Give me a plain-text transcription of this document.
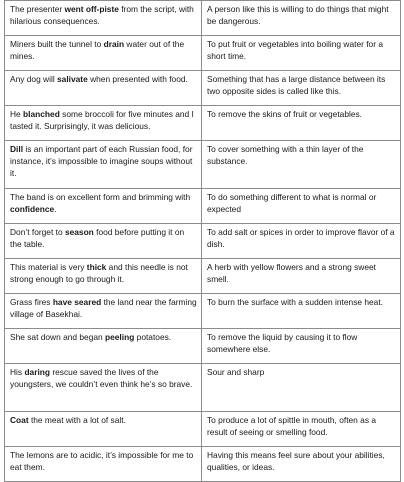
The presenter went off-piste from the script, with hilarious consequences.	A person like this is willing to do things that might be dangerous.
Miners built the tunnel to drain water out of the mines.	To put fruit or vegetables into boiling water for a short time.
Any dog will salivate when presented with food.	Something that has a large distance between its two opposite sides is called like this.
He blanched some broccoli for five minutes and I tasted it. Surprisingly, it was delicious.	To remove the skins of fruit or vegetables.
Dill is an important part of each Russian food, for instance, it’s impossible to imagine soups without it.	To cover something with a thin layer of the substance.
The band is on excellent form and brimming with confidence.	To do something different to what is normal or expected
Don’t forget to season food before putting it on the table.	To add salt or spices in order to improve flavor of a dish.
This material is very thick and this needle is not strong enough to go through it.	A herb with yellow flowers and a strong sweet smell.
Grass fires have seared the land near the farming village of Basekhai.	To burn the surface with a sudden intense heat.
She sat down and began peeling potatoes.	To remove the liquid by causing it to flow somewhere else.
His daring rescue saved the lives of the youngsters, we couldn’t even think he’s so brave.	Sour and sharp
Coat the meat with a lot of salt.	To produce a lot of spittle in mouth, often as a result of seeing or smelling food.
The lemons are to acidic, it’s impossible for me to eat them.	Having this means feel sure about your abilities, qualities, or ideas.
